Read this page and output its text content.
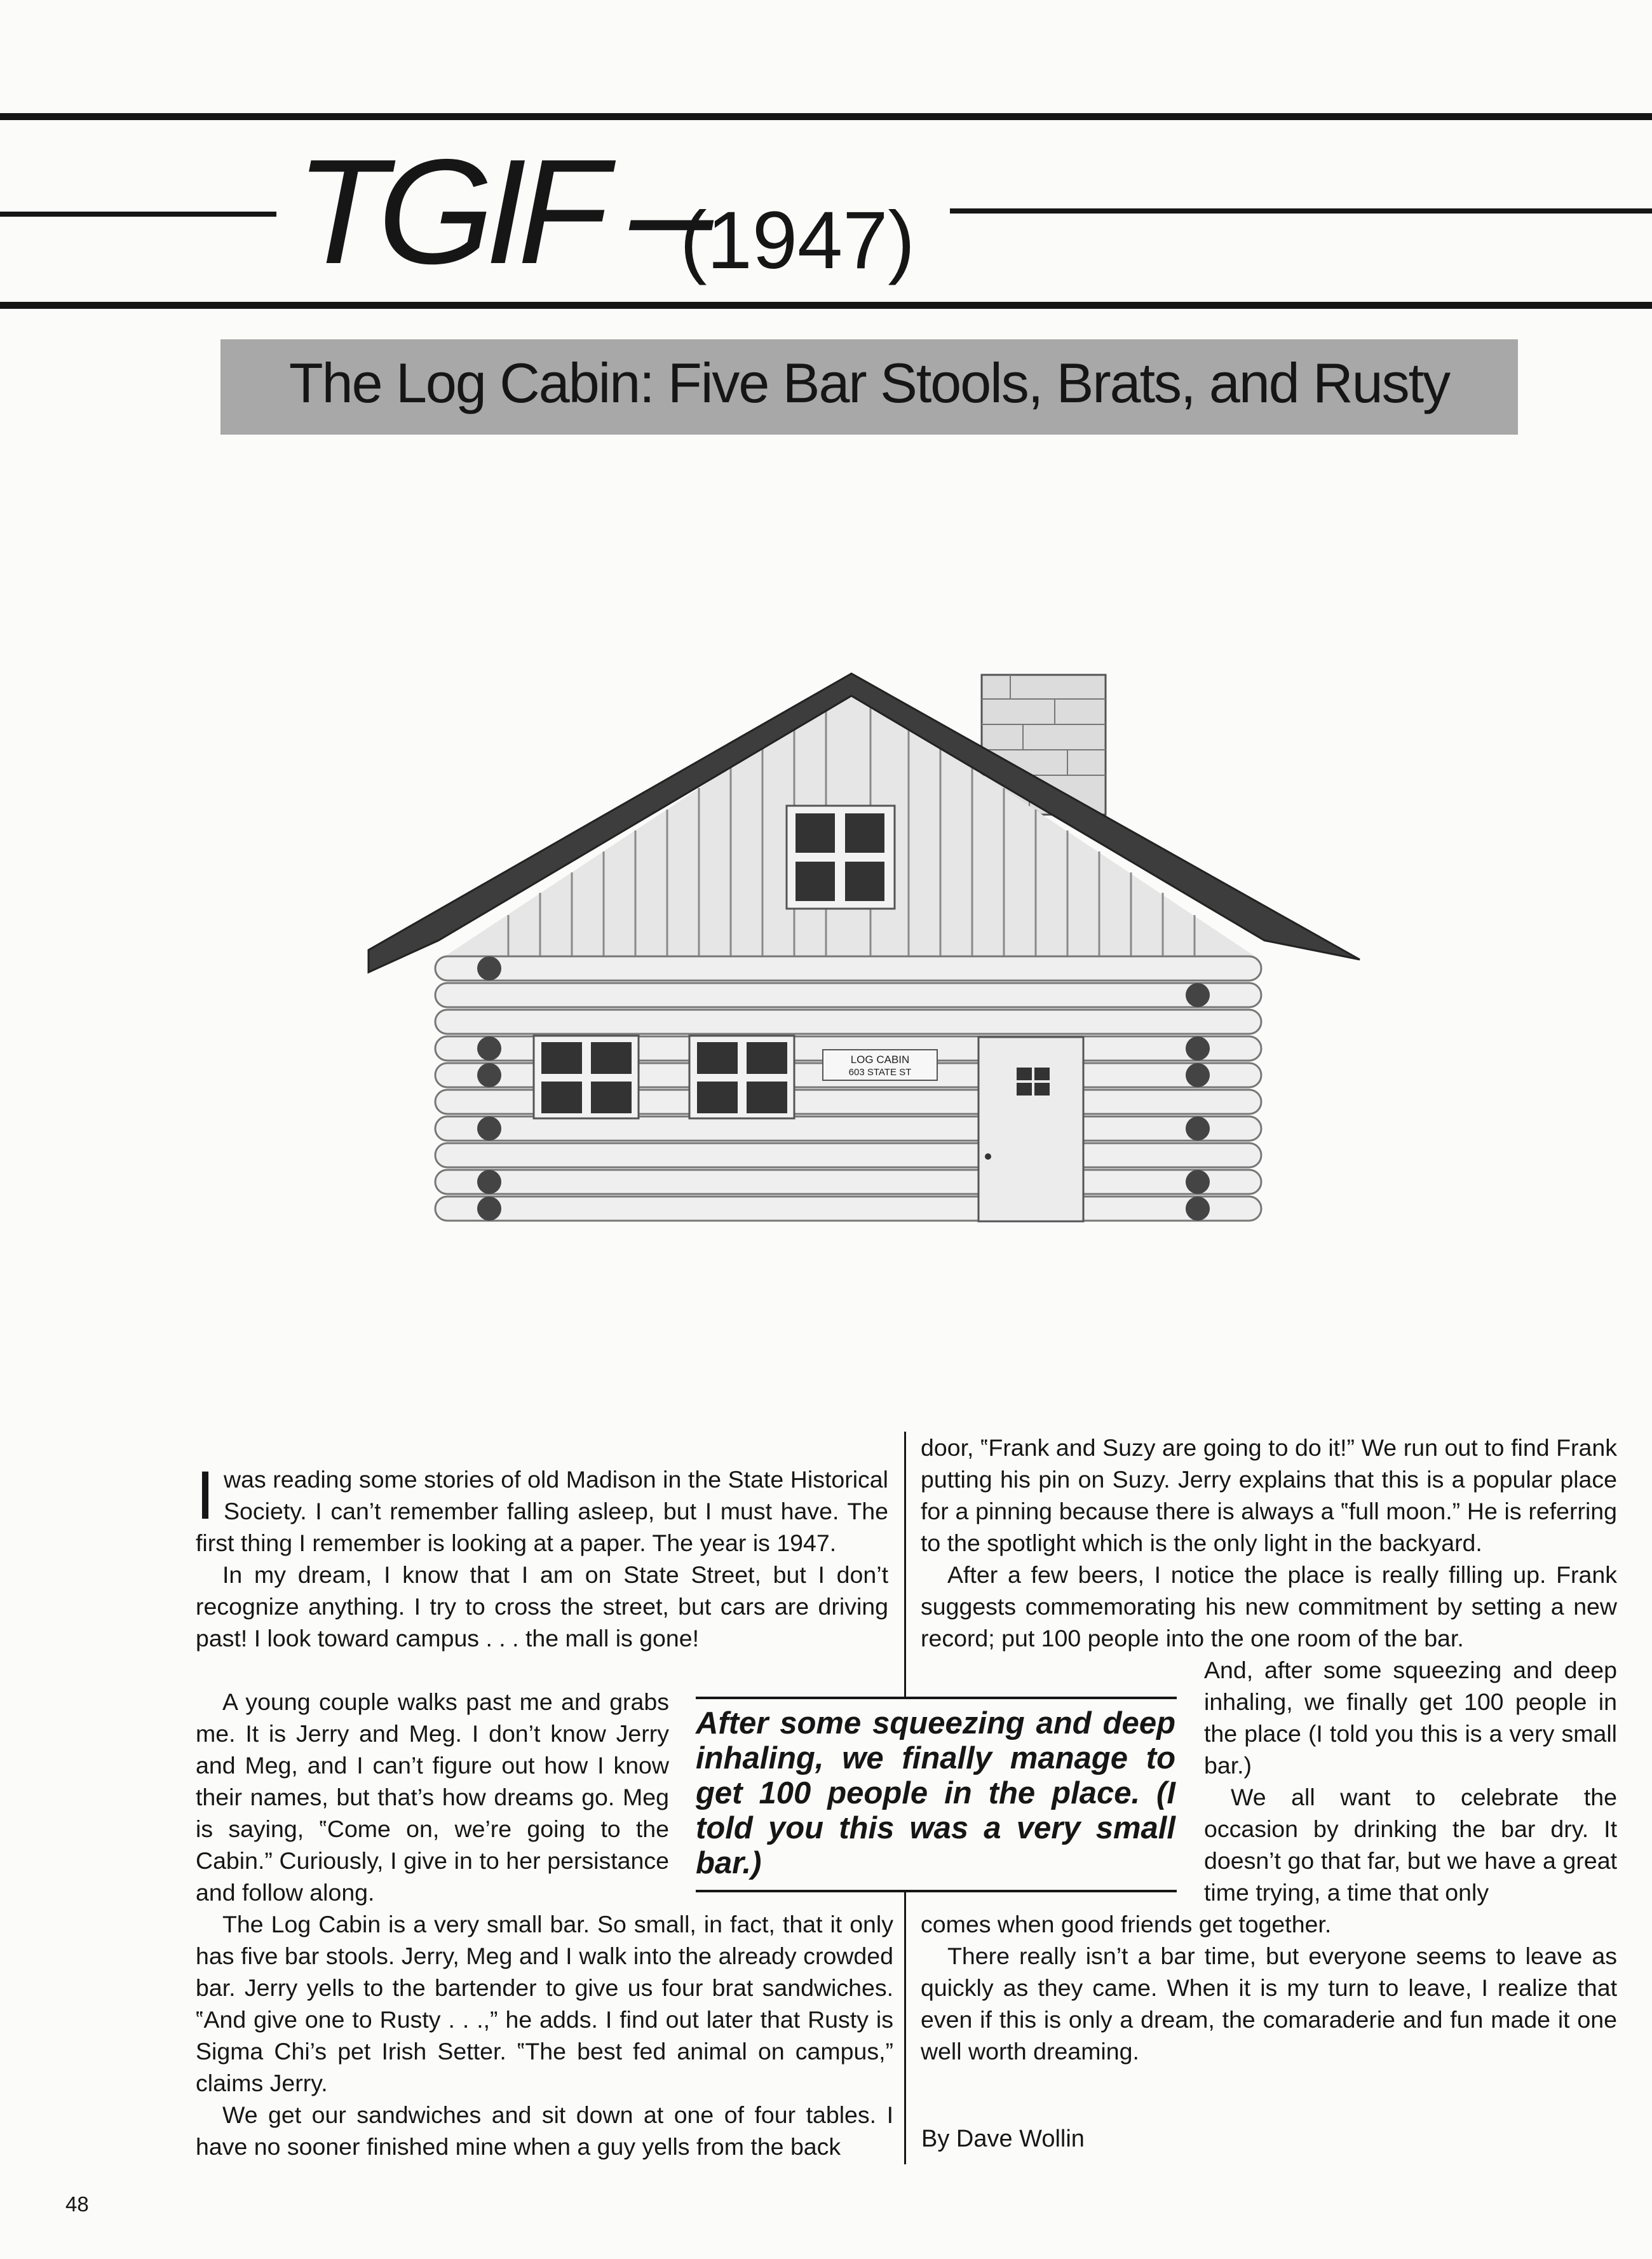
TGIF –
(1947)
The Log Cabin: Five Bar Stools, Brats, and Rusty
LOG CABIN
603 STATE ST
I was reading some stories of old Madison in the State Historical Society. I can’t remember falling asleep, but I must have. The first thing I remember is looking at a paper. The year is 1947.

In my dream, I know that I am on State Street, but I don’t recognize anything. I try to cross the street, but cars are driving past! I look toward campus . . . the mall is gone!

A young couple walks past me and grabs me. It is Jerry and Meg. I don’t know Jerry and Meg, and I can’t figure out how I know their names, but that’s how dreams go. Meg is saying, ‟Come on, we’re going to the Cabin.” Curiously, I give in to her persistance and follow along.

The Log Cabin is a very small bar. So small, in fact, that it only has five bar stools. Jerry, Meg and I walk into the already crowded bar. Jerry yells to the bartender to give us four brat sandwiches. ‟And give one to Rusty . . .,” he adds. I find out later that Rusty is Sigma Chi’s pet Irish Setter. ‟The best fed animal on campus,” claims Jerry.

We get our sandwiches and sit down at one of four tables. I have no sooner finished mine when a guy yells from the back

door, ‟Frank and Suzy are going to do it!” We run out to find Frank putting his pin on Suzy. Jerry explains that this is a popular place for a pinning because there is always a ‟full moon.” He is referring to the spotlight which is the only light in the backyard.

After a few beers, I notice the place is really filling up. Frank suggests commemorating his new commitment by setting a new record; put 100 people into the one room of the bar.

And, after some squeezing and deep inhaling, we finally get 100 people in the place (I told you this is a very small bar.)

We all want to celebrate the occasion by drinking the bar dry. It doesn’t go that far, but we have a great time trying, a time that only

comes when good friends get together.

There really isn’t a bar time, but everyone seems to leave as quickly as they came. When it is my turn to leave, I realize that even if this is only a dream, the comaraderie and fun made it one well worth dreaming.

After some squeezing and deep inhaling, we finally manage to get 100 people in the place. (I told you this was a very small bar.)
By Dave Wollin
48
